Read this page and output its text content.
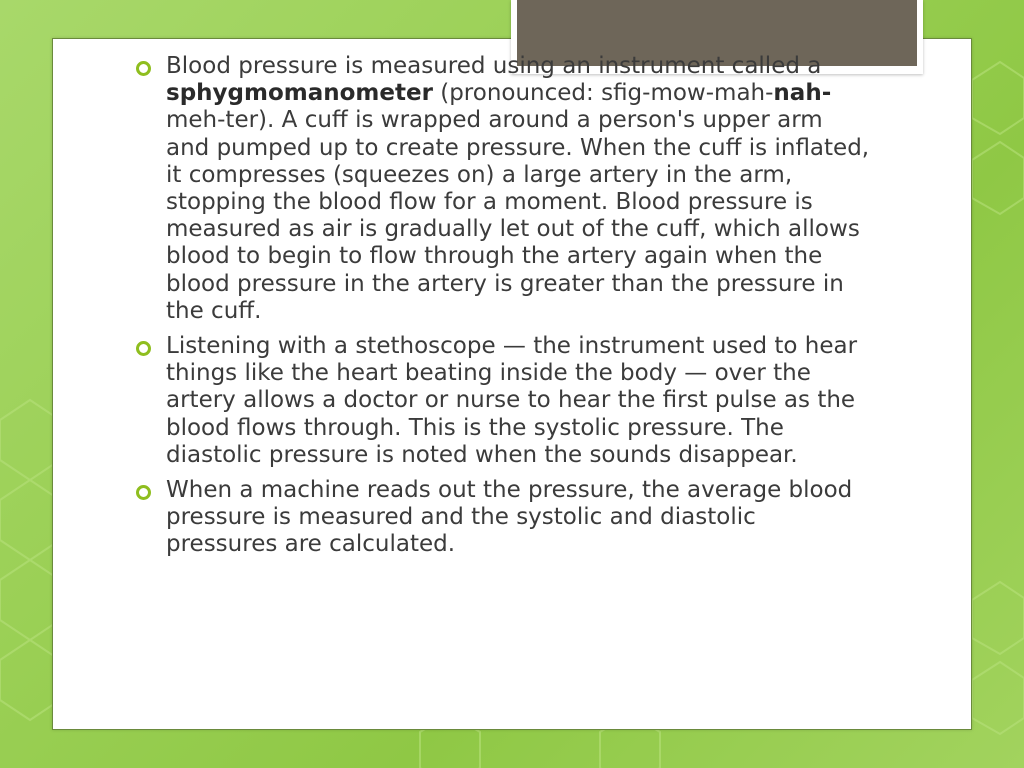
Blood pressure is measured using an instrument called a sphygmomanometer (pronounced: sfig-mow-mah-nah-meh-ter). A cuff is wrapped around a person's upper arm and pumped up to create pressure. When the cuff is inflated, it compresses (squeezes on) a large artery in the arm, stopping the blood flow for a moment. Blood pressure is measured as air is gradually let out of the cuff, which allows blood to begin to flow through the artery again when the blood pressure in the artery is greater than the pressure in the cuff.
Listening with a stethoscope — the instrument used to hear things like the heart beating inside the body — over the artery allows a doctor or nurse to hear the first pulse as the blood flows through. This is the systolic pressure. The diastolic pressure is noted when the sounds disappear.
When a machine reads out the pressure, the average blood pressure is measured and the systolic and diastolic pressures are calculated.
